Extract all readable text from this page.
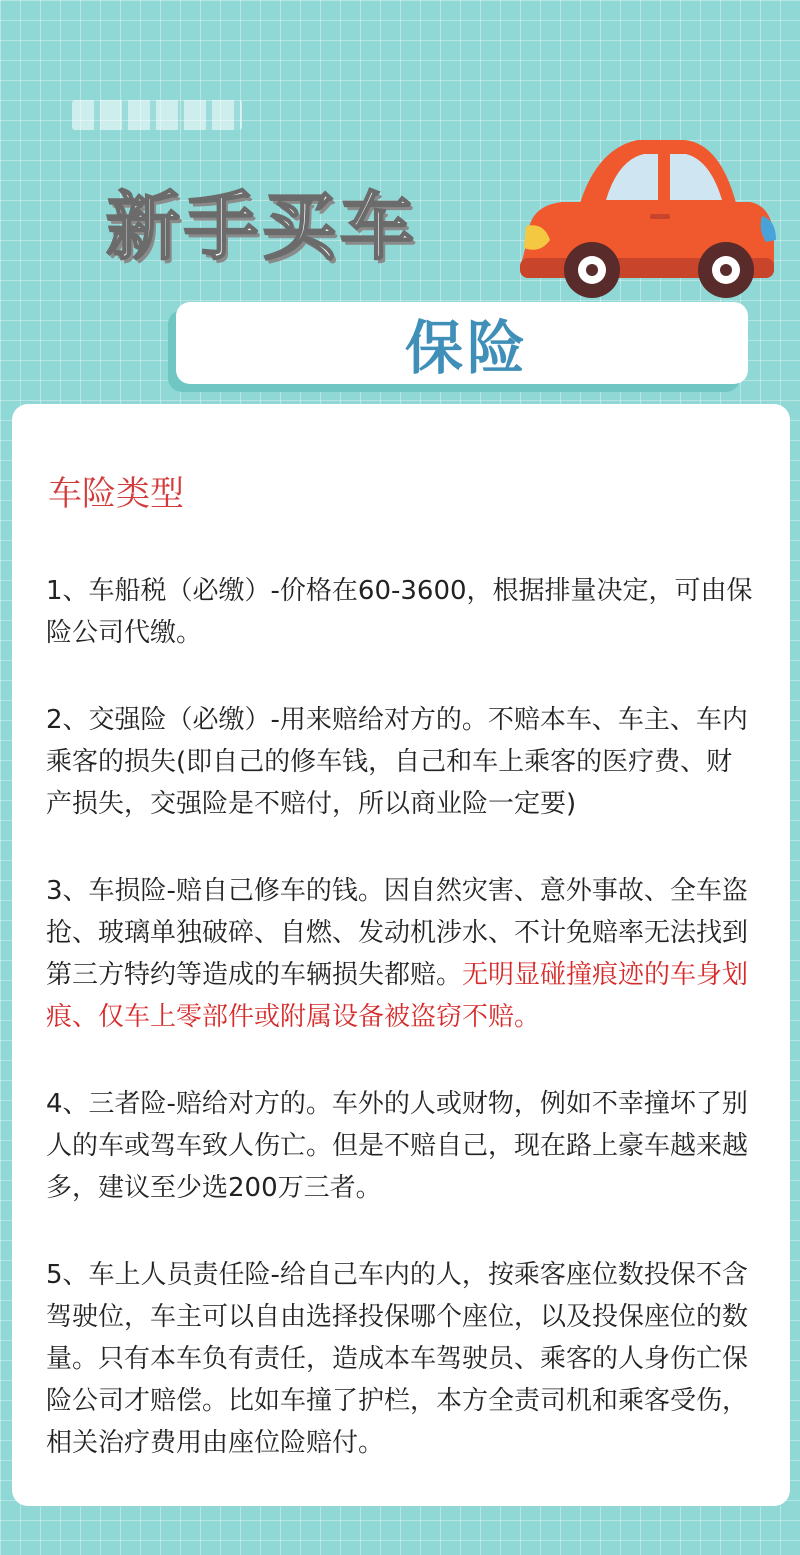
新手买车
保险
车险类型

1、车船税（必缴）-价格在60-3600，根据排量决定，可由保险公司代缴。

2、交强险（必缴）-用来赔给对方的。不赔本车、车主、车内乘客的损失(即自己的修车钱，自己和车上乘客的医疗费、财产损失，交强险是不赔付，所以商业险一定要)

3、车损险-赔自己修车的钱。因自然灾害、意外事故、全车盗抢、玻璃单独破碎、自燃、发动机涉水、不计免赔率无法找到第三方特约等造成的车辆损失都赔。无明显碰撞痕迹的车身划痕、仅车上零部件或附属设备被盗窃不赔。

4、三者险-赔给对方的。车外的人或财物，例如不幸撞坏了别人的车或驾车致人伤亡。但是不赔自己，现在路上豪车越来越多，建议至少选200万三者。

5、车上人员责任险-给自己车内的人，按乘客座位数投保不含驾驶位，车主可以自由选择投保哪个座位，以及投保座位的数量。只有本车负有责任，造成本车驾驶员、乘客的人身伤亡保险公司才赔偿。比如车撞了护栏，本方全责司机和乘客受伤，相关治疗费用由座位险赔付。
